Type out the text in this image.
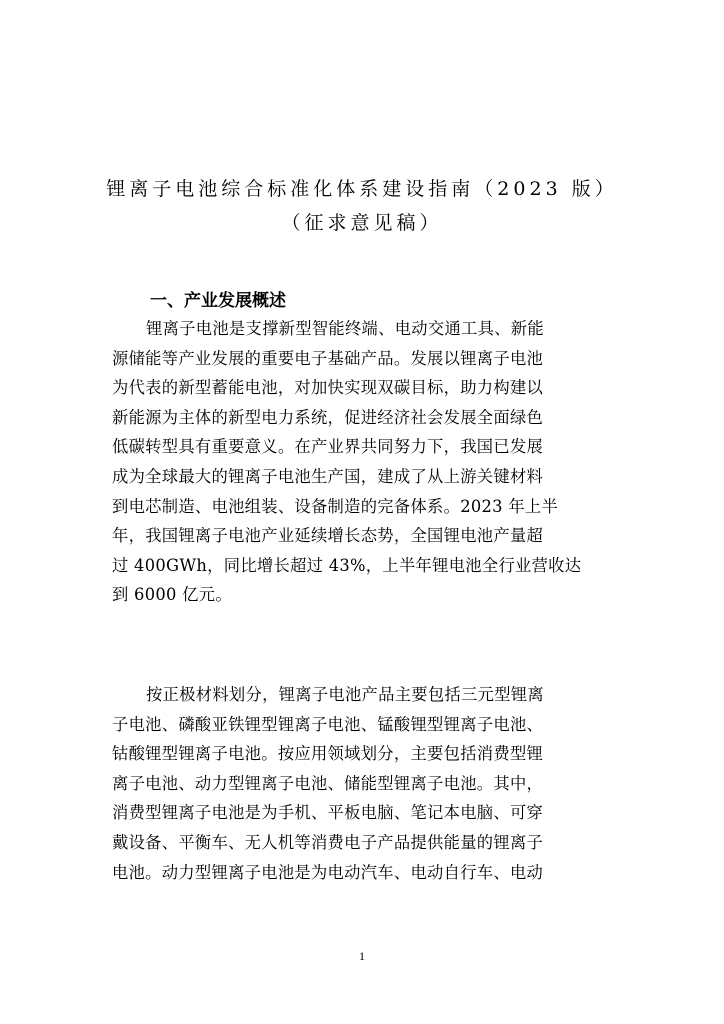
锂离子电池综合标准化体系建设指南（2023 版）
（征求意见稿）
一、产业发展概述
锂离子电池是支撑新型智能终端、电动交通工具、新能
源储能等产业发展的重要电子基础产品。发展以锂离子电池
为代表的新型蓄能电池，对加快实现双碳目标，助力构建以
新能源为主体的新型电力系统，促进经济社会发展全面绿色
低碳转型具有重要意义。在产业界共同努力下，我国已发展
成为全球最大的锂离子电池生产国，建成了从上游关键材料
到电芯制造、电池组装、设备制造的完备体系。2023 年上半
年，我国锂离子电池产业延续增长态势，全国锂电池产量超
过 400GWh，同比增长超过 43%，上半年锂电池全行业营收达
到 6000 亿元。
按正极材料划分，锂离子电池产品主要包括三元型锂离
子电池、磷酸亚铁锂型锂离子电池、锰酸锂型锂离子电池、
钴酸锂型锂离子电池。按应用领域划分，主要包括消费型锂
离子电池、动力型锂离子电池、储能型锂离子电池。其中，
消费型锂离子电池是为手机、平板电脑、笔记本电脑、可穿
戴设备、平衡车、无人机等消费电子产品提供能量的锂离子
电池。动力型锂离子电池是为电动汽车、电动自行车、电动
1
